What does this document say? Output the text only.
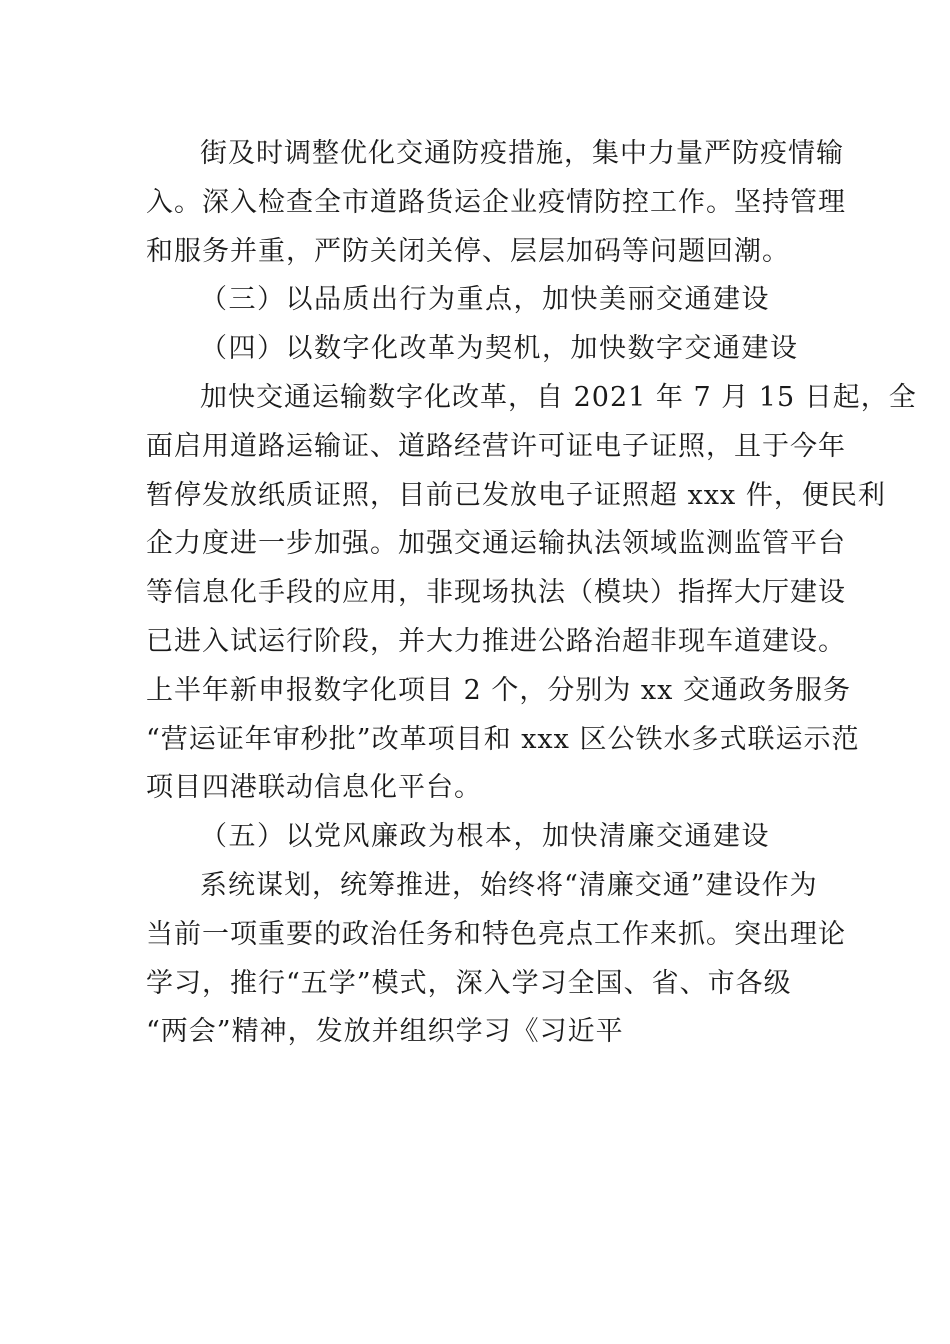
街及时调整优化交通防疫措施，集中力量严防疫情输
入。深入检查全市道路货运企业疫情防控工作。坚持管理
和服务并重，严防关闭关停、层层加码等问题回潮。
（三）以品质出行为重点，加快美丽交通建设
（四）以数字化改革为契机，加快数字交通建设
加快交通运输数字化改革，自 2021 年 7 月 15 日起，全
面启用道路运输证、道路经营许可证电子证照，且于今年
暂停发放纸质证照，目前已发放电子证照超 xxx 件，便民利
企力度进一步加强。加强交通运输执法领域监测监管平台
等信息化手段的应用，非现场执法（模块）指挥大厅建设
已进入试运行阶段，并大力推进公路治超非现车道建设。
上半年新申报数字化项目 2 个，分别为 xx 交通政务服务
“营运证年审秒批”改革项目和 xxx 区公铁水多式联运示范
项目四港联动信息化平台。
（五）以党风廉政为根本，加快清廉交通建设
系统谋划，统筹推进，始终将“清廉交通”建设作为
当前一项重要的政治任务和特色亮点工作来抓。突出理论
学习，推行“五学”模式，深入学习全国、省、市各级
“两会”精神，发放并组织学习《习近平
